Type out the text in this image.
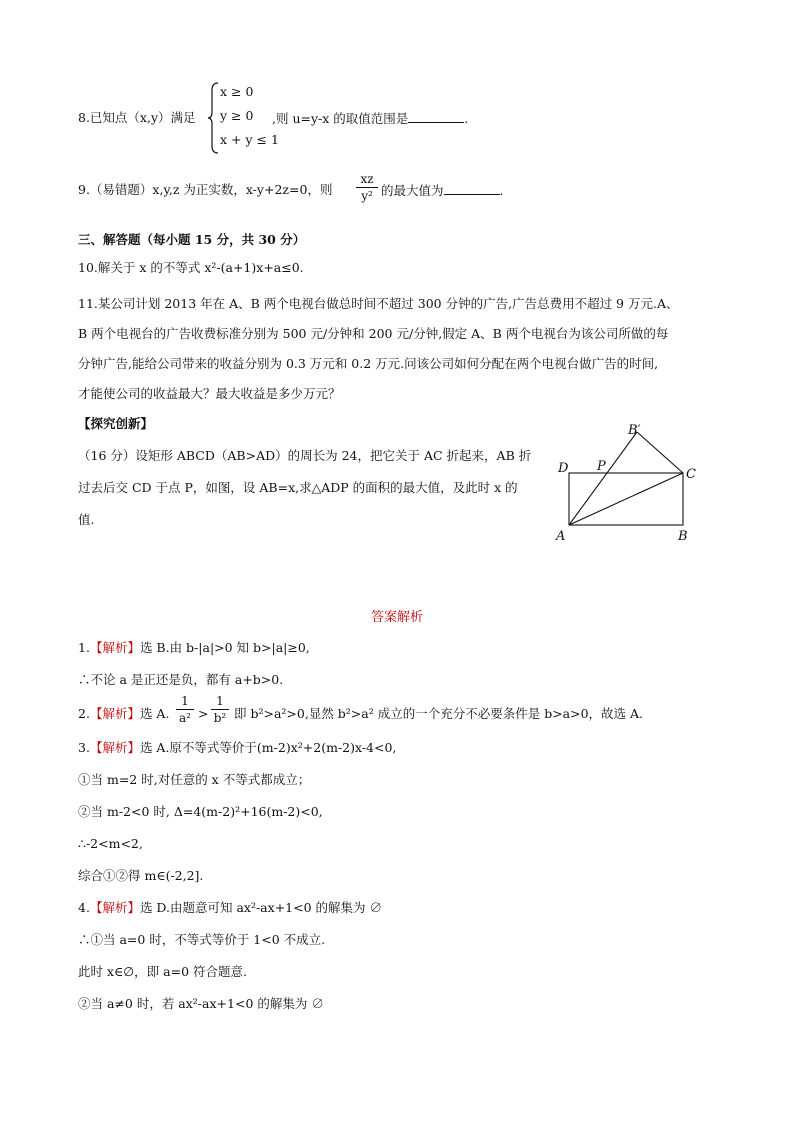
8.已知点（x,y）满足
x ≥ 0
y ≥ 0
x + y ≤ 1
,则 u=y-x 的取值范围是	.
9.（易错题）x,y,z 为正实数，x-y+2z=0，则
xz
y² 的最大值为	.
三、解答题（每小题 15 分，共 30 分）
10.解关于 x 的不等式 x²-(a+1)x+a≤0.
11.某公司计划 2013 年在 A、B 两个电视台做总时间不超过 300 分钟的广告,广告总费用不超过 9 万元.A、
B 两个电视台的广告收费标准分别为 500 元/分钟和 200 元/分钟,假定 A、B 两个电视台为该公司所做的每
分钟广告,能给公司带来的收益分别为 0.3 万元和 0.2 万元.问该公司如何分配在两个电视台做广告的时间,
才能使公司的收益最大？最大收益是多少万元？
【探究创新】
（16 分）设矩形 ABCD（AB>AD）的周长为 24，把它关于 AC 折起来，AB 折
过去后交 CD 于点 P，如图，设 AB=x,求△ADP 的面积的最大值，及此时 x 的
值.
B′
D P
C
A	B
答案解析
1.【解析】选 B.由 b-|a|>0 知 b>|a|≥0,
∴不论 a 是正还是负，都有 a+b>0.
2.【解析】选 A.
1
a² >
1
b² 即 b²>a²>0,显然 b²>a² 成立的一个充分不必要条件是 b>a>0，故选 A.
3.【解析】选 A.原不等式等价于(m-2)x²+2(m-2)x-4<0,
①当 m=2 时,对任意的 x 不等式都成立；
②当 m-2<0 时, Δ=4(m-2)²+16(m-2)<0,
∴-2<m<2,
综合①②得 m∈(-2,2].
4.【解析】选 D.由题意可知 ax²-ax+1<0 的解集为 ∅
∴①当 a=0 时，不等式等价于 1<0 不成立.
此时 x∈∅，即 a=0 符合题意.
②当 a≠0 时，若 ax²-ax+1<0 的解集为 ∅
